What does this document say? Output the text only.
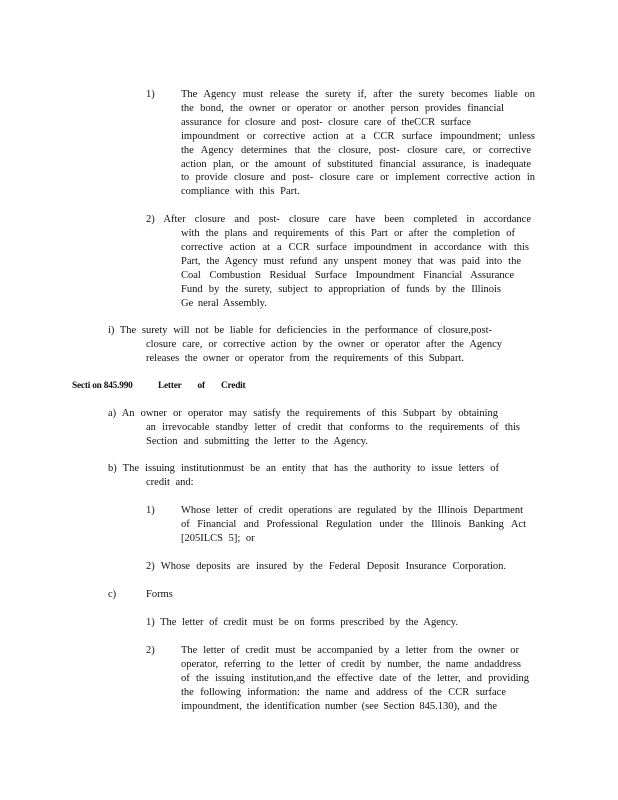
1)	The Agency must release the surety if, after the surety becomes liable on
the bond, the owner or operator or another person provides financial
assurance for closure and post- closure care of theCCR surface
impoundment or corrective action at a CCR surface impoundment; unless
the Agency determines that the closure, post- closure care, or corrective
action plan, or the amount of substituted financial assurance, is inadequate
to provide closure and post- closure care or implement corrective action in
compliance with this Part.
2) After closure and post- closure care have been completed in accordance
with the plans and requirements of this Part or after the completion of
corrective action at a CCR surface impoundment in accordance with this
Part, the Agency must refund any unspent money that was paid into the
Coal Combustion Residual Surface Impoundment Financial Assurance
Fund by the surety, subject to appropriation of funds by the Illinois
Ge neral Assembly.
i) The surety will not be liable for deficiencies in the performance of closure,post-
closure care, or corrective action by the owner or operator after the Agency
releases the owner or operator from the requirements of this Subpart.
Secti on 845.990	Letter of Credit
a) An owner or operator may satisfy the requirements of this Subpart by obtaining
an irrevocable standby letter of credit that conforms to the requirements of this
Section and submitting the letter to the Agency.
b) The issuing institutionmust be an entity that has the authority to issue letters of
credit and:
1)	Whose letter of credit operations are regulated by the Illinois Department
of Financial and Professional Regulation under the Illinois Banking Act
[205ILCS 5]; or
2) Whose deposits are insured by the Federal Deposit Insurance Corporation.
c)	Forms
1) The letter of credit must be on forms prescribed by the Agency.
2)	The letter of credit must be accompanied by a letter from the owner or
operator, referring to the letter of credit by number, the name andaddress
of the issuing institution,and the effective date of the letter, and providing
the following information: the name and address of the CCR surface
impoundment, the identification number (see Section 845.130), and the
